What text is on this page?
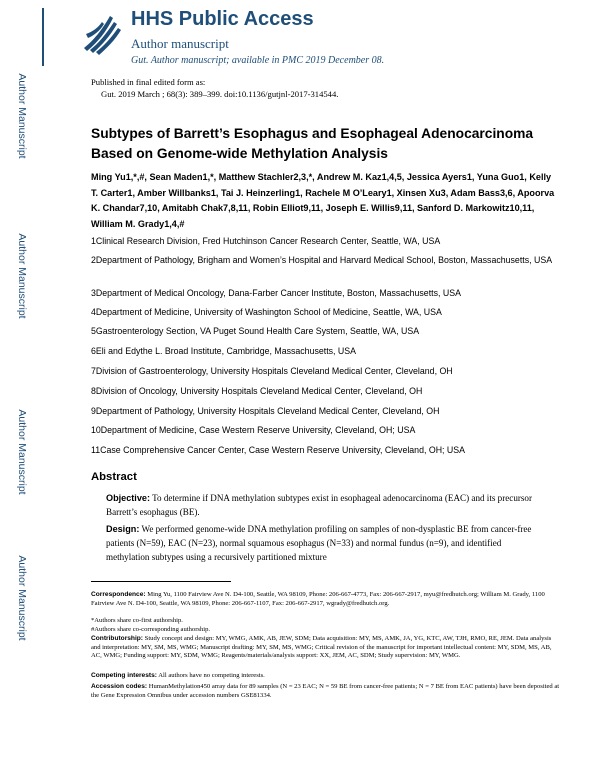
Author Manuscript
Author Manuscript
Author Manuscript
Author Manuscript
HHS Public Access
Author manuscript
Gut. Author manuscript; available in PMC 2019 December 08.
Published in final edited form as:
Gut. 2019 March ; 68(3): 389–399. doi:10.1136/gutjnl-2017-314544.
Subtypes of Barrett’s Esophagus and Esophageal Adenocarcinoma Based on Genome-wide Methylation Analysis
Ming Yu1,*,#, Sean Maden1,*, Matthew Stachler2,3,*, Andrew M. Kaz1,4,5, Jessica Ayers1, Yuna Guo1, Kelly T. Carter1, Amber Willbanks1, Tai J. Heinzerling1, Rachele M O’Leary1, Xinsen Xu3, Adam Bass3,6, Apoorva K. Chandar7,10, Amitabh Chak7,8,11, Robin Elliot9,11, Joseph E. Willis9,11, Sanford D. Markowitz10,11, William M. Grady1,4,#
1Clinical Research Division, Fred Hutchinson Cancer Research Center, Seattle, WA, USA
2Department of Pathology, Brigham and Women’s Hospital and Harvard Medical School, Boston, Massachusetts, USA
3Department of Medical Oncology, Dana-Farber Cancer Institute, Boston, Massachusetts, USA
4Department of Medicine, University of Washington School of Medicine, Seattle, WA, USA
5Gastroenterology Section, VA Puget Sound Health Care System, Seattle, WA, USA
6Eli and Edythe L. Broad Institute, Cambridge, Massachusetts, USA
7Division of Gastroenterology, University Hospitals Cleveland Medical Center, Cleveland, OH
8Division of Oncology, University Hospitals Cleveland Medical Center, Cleveland, OH
9Department of Pathology, University Hospitals Cleveland Medical Center, Cleveland, OH
10Department of Medicine, Case Western Reserve University, Cleveland, OH; USA
11Case Comprehensive Cancer Center, Case Western Reserve University, Cleveland, OH; USA
Abstract
Objective: To determine if DNA methylation subtypes exist in esophageal adenocarcinoma (EAC) and its precursor Barrett’s esophagus (BE).
Design: We performed genome-wide DNA methylation profiling on samples of non-dysplastic BE from cancer-free patients (N=59), EAC (N=23), normal squamous esophagus (N=33) and normal fundus (n=9), and identified methylation subtypes using a recursively partitioned mixture
Correspondence: Ming Yu, 1100 Fairview Ave N. D4-100, Seattle, WA 98109, Phone: 206-667-4773, Fax: 206-667-2917, myu@fredhutch.org; William M. Grady, 1100 Fairview Ave N. D4-100, Seattle, WA 98109, Phone: 206-667-1107, Fax: 206-667-2917, wgrady@fredhutch.org.
*Authors share co-first authorship.
#Authors share co-corresponding authorship.
Contributorship: Study concept and design: MY, WMG, AMK, AB, JEW, SDM; Data acquisition: MY, MS, AMK, JA, YG, KTC, AW, TJH, RMO, RE, JEM. Data analysis and interpretation: MY, SM, MS, WMG; Manuscript drafting: MY, SM, MS, WMG; Critical revision of the manuscript for important intellectual content: MY, SDM, MS, AB, AC, WMG; Funding support: MY, SDM, WMG; Reagents/materials/analysis support: XX, JEM, AC, SDM; Study supervision: MY, WMG.
Competing interests: All authors have no competing interests.
Accession codes: HumanMethylation450 array data for 89 samples (N = 23 EAC; N = 59 BE from cancer-free patients; N = 7 BE from EAC patients) have been deposited at the Gene Expression Omnibus under accession numbers GSE81334.
